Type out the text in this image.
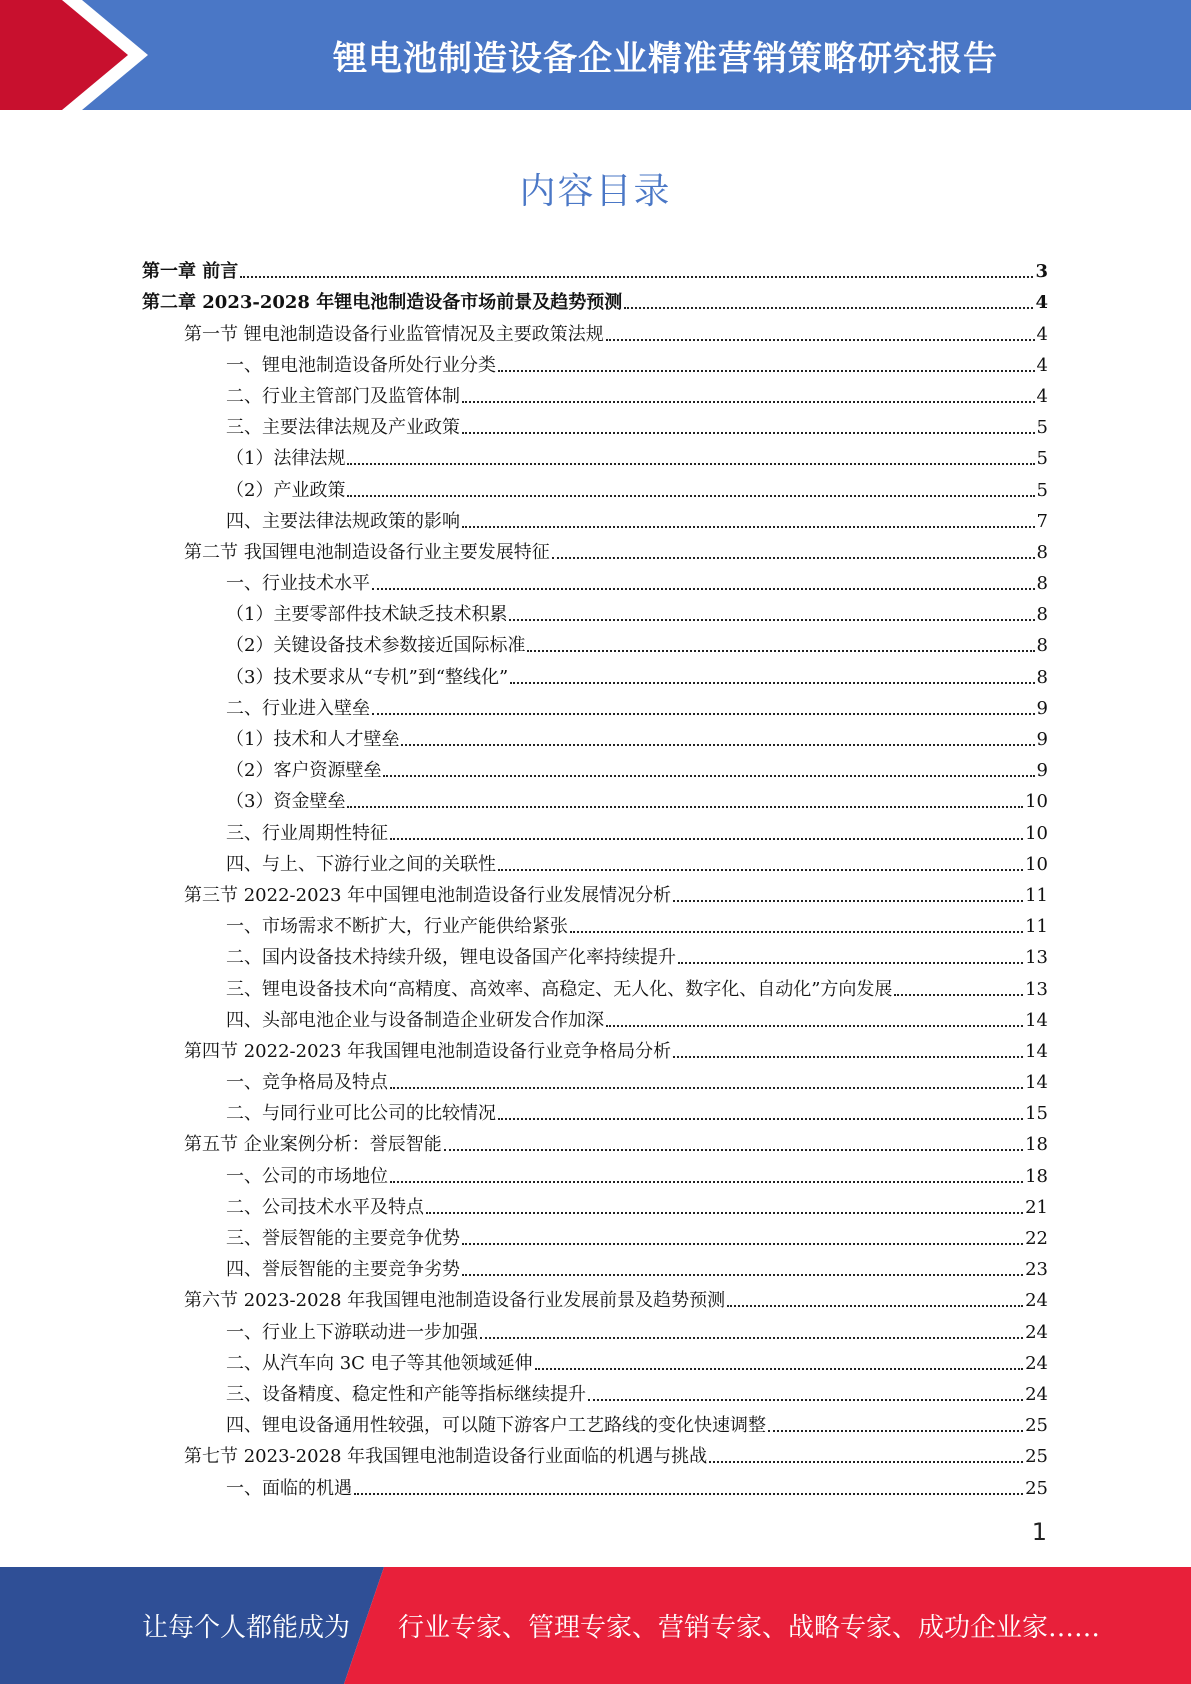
锂电池制造设备企业精准营销策略研究报告
内容目录
第一章 前言	3
第二章 2023-2028 年锂电池制造设备市场前景及趋势预测	4
第一节 锂电池制造设备行业监管情况及主要政策法规	4
一、锂电池制造设备所处行业分类	4
二、行业主管部门及监管体制	4
三、主要法律法规及产业政策	5
（1）法律法规	5
（2）产业政策	5
四、主要法律法规政策的影响	7
第二节 我国锂电池制造设备行业主要发展特征	8
一、行业技术水平	8
（1）主要零部件技术缺乏技术积累	8
（2）关键设备技术参数接近国际标准	8
（3）技术要求从“专机”到“整线化”	8
二、行业进入壁垒	9
（1）技术和人才壁垒	9
（2）客户资源壁垒	9
（3）资金壁垒	10
三、行业周期性特征	10
四、与上、下游行业之间的关联性	10
第三节 2022-2023 年中国锂电池制造设备行业发展情况分析	11
一、市场需求不断扩大，行业产能供给紧张	11
二、国内设备技术持续升级，锂电设备国产化率持续提升	13
三、锂电设备技术向“高精度、高效率、高稳定、无人化、数字化、自动化”方向发展	13
四、头部电池企业与设备制造企业研发合作加深	14
第四节 2022-2023 年我国锂电池制造设备行业竞争格局分析	14
一、竞争格局及特点	14
二、与同行业可比公司的比较情况	15
第五节 企业案例分析：誉辰智能	18
一、公司的市场地位	18
二、公司技术水平及特点	21
三、誉辰智能的主要竞争优势	22
四、誉辰智能的主要竞争劣势	23
第六节 2023-2028 年我国锂电池制造设备行业发展前景及趋势预测	24
一、行业上下游联动进一步加强	24
二、从汽车向 3C 电子等其他领域延伸	24
三、设备精度、稳定性和产能等指标继续提升	24
四、锂电设备通用性较强，可以随下游客户工艺路线的变化快速调整	25
第七节 2023-2028 年我国锂电池制造设备行业面临的机遇与挑战	25
一、面临的机遇	25
1
让每个人都能成为 行业专家、管理专家、营销专家、战略专家、成功企业家……
